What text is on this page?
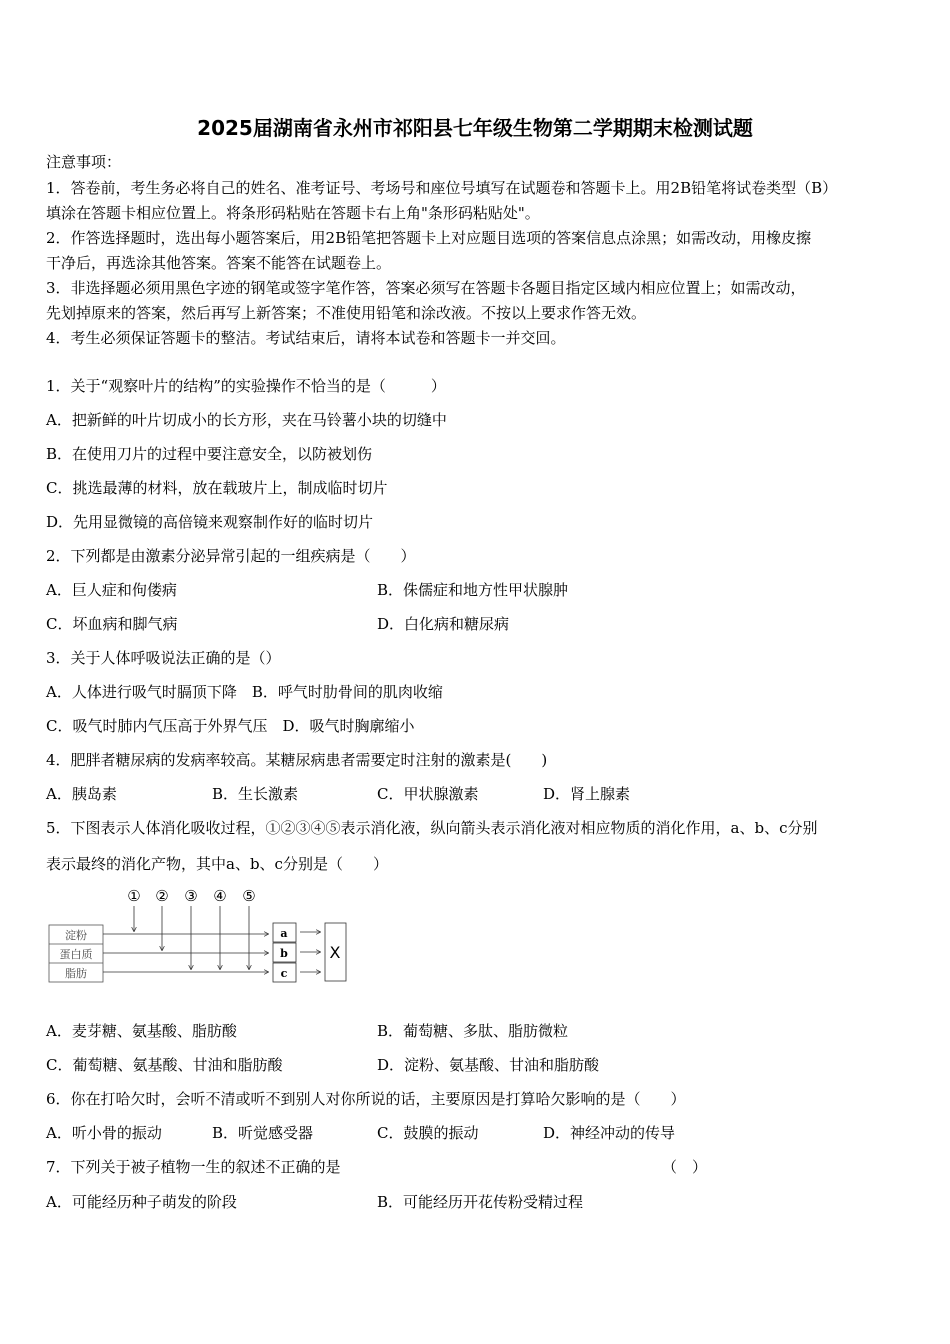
2025届湖南省永州市祁阳县七年级生物第二学期期末检测试题
注意事项：
1．答卷前，考生务必将自己的姓名、准考证号、考场号和座位号填写在试题卷和答题卡上。用2B铅笔将试卷类型（B）
填涂在答题卡相应位置上。将条形码粘贴在答题卡右上角"条形码粘贴处"。
2．作答选择题时，选出每小题答案后，用2B铅笔把答题卡上对应题目选项的答案信息点涂黑；如需改动，用橡皮擦
干净后，再选涂其他答案。答案不能答在试题卷上。
3．非选择题必须用黑色字迹的钢笔或签字笔作答，答案必须写在答题卡各题目指定区域内相应位置上；如需改动，
先划掉原来的答案，然后再写上新答案；不准使用铅笔和涂改液。不按以上要求作答无效。
4．考生必须保证答题卡的整洁。考试结束后，请将本试卷和答题卡一并交回。
1．关于“观察叶片的结构”的实验操作不恰当的是（　　　）
A．把新鲜的叶片切成小的长方形，夹在马铃薯小块的切缝中
B．在使用刀片的过程中要注意安全，以防被划伤
C．挑选最薄的材料，放在载玻片上，制成临时切片
D．先用显微镜的高倍镜来观察制作好的临时切片
2．下列都是由激素分泌异常引起的一组疾病是（　　）
A．巨人症和佝偻病	B．侏儒症和地方性甲状腺肿
C．坏血病和脚气病	D．白化病和糖尿病
3．关于人体呼吸说法正确的是（）
A．人体进行吸气时膈顶下降　B．呼气时肋骨间的肌肉收缩
C．吸气时肺内气压高于外界气压　D．吸气时胸廓缩小
4．肥胖者糖尿病的发病率较高。某糖尿病患者需要定时注射的激素是(　　)
A．胰岛素	B．生长激素	C．甲状腺激素	D．肾上腺素
5．下图表示人体消化吸收过程，①②③④⑤表示消化液，纵向箭头表示消化液对相应物质的消化作用，a、b、c分别
表示最终的消化产物，其中a、b、c分别是（　　）
① ② ③ ④ ⑤
淀粉
蛋白质
脂肪
a
b
c
X
A．麦芽糖、氨基酸、脂肪酸	B．葡萄糖、多肽、脂肪微粒
C．葡萄糖、氨基酸、甘油和脂肪酸	D．淀粉、氨基酸、甘油和脂肪酸
6．你在打哈欠时，会听不清或听不到别人对你所说的话，主要原因是打算哈欠影响的是（　　）
A．听小骨的振动	B．听觉感受器	C．鼓膜的振动	D．神经冲动的传导
7．下列关于被子植物一生的叙述不正确的是	（　）
A．可能经历种子萌发的阶段	B．可能经历开花传粉受精过程
